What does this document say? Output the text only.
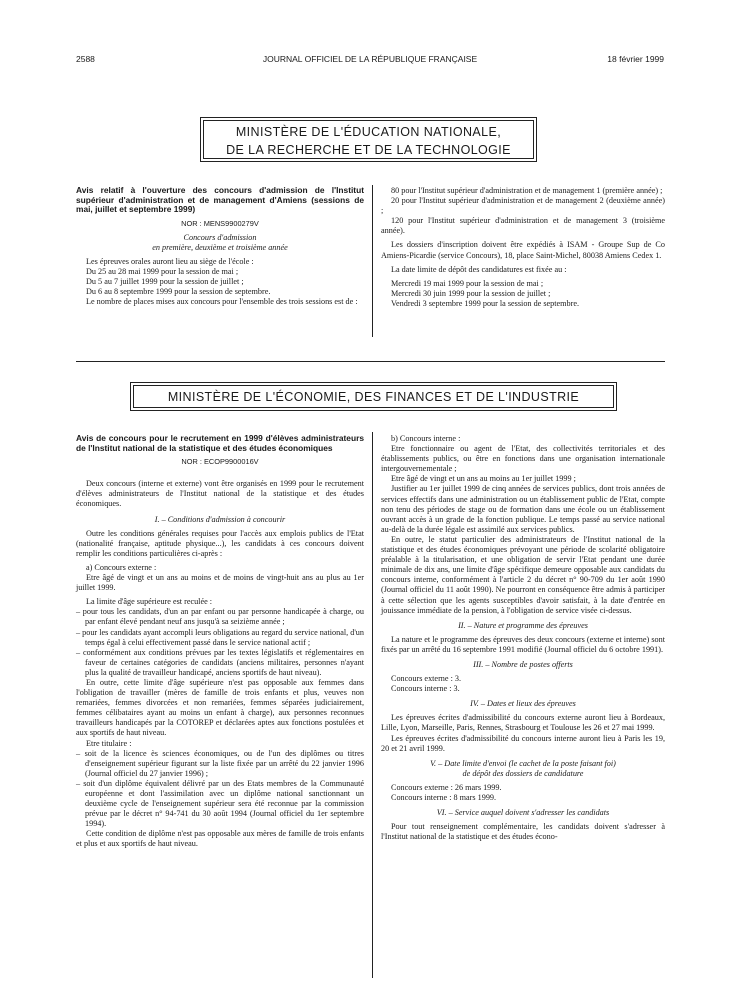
2588	JOURNAL OFFICIEL DE LA RÉPUBLIQUE FRANÇAISE	18 février 1999
MINISTÈRE DE L'ÉDUCATION NATIONALE,
DE LA RECHERCHE ET DE LA TECHNOLOGIE

Avis relatif à l'ouverture des concours d'admission de l'Institut supérieur d'administration et de management d'Amiens (sessions de mai, juillet et septembre 1999)

NOR : MENS9900279V

Concours d'admission

en première, deuxième et troisième année

Les épreuves orales auront lieu au siège de l'école :

Du 25 au 28 mai 1999 pour la session de mai ;

Du 5 au 7 juillet 1999 pour la session de juillet ;

Du 6 au 8 septembre 1999 pour la session de septembre.

Le nombre de places mises aux concours pour l'ensemble des trois sessions est de :

80 pour l'Institut supérieur d'administration et de management 1 (première année) ;

20 pour l'Institut supérieur d'administration et de management 2 (deuxième année) ;

120 pour l'Institut supérieur d'administration et de management 3 (troisième année).

Les dossiers d'inscription doivent être expédiés à ISAM - Groupe Sup de Co Amiens-Picardie (service Concours), 18, place Saint-Michel, 80038 Amiens Cedex 1.

La date limite de dépôt des candidatures est fixée au :

Mercredi 19 mai 1999 pour la session de mai ;

Mercredi 30 juin 1999 pour la session de juillet ;

Vendredi 3 septembre 1999 pour la session de septembre.

MINISTÈRE DE L'ÉCONOMIE, DES FINANCES ET DE L'INDUSTRIE

Avis de concours pour le recrutement en 1999 d'élèves administrateurs de l'Institut national de la statistique et des études économiques

NOR : ECOP9900016V

Deux concours (interne et externe) vont être organisés en 1999 pour le recrutement d'élèves administrateurs de l'Institut national de la statistique et des études économiques.

I. – Conditions d'admission à concourir

Outre les conditions générales requises pour l'accès aux emplois publics de l'Etat (nationalité française, aptitude physique...), les candidats à ces concours doivent remplir les conditions particulières ci-après :

a) Concours externe :

Etre âgé de vingt et un ans au moins et de moins de vingt-huit ans au plus au 1er juillet 1999.

La limite d'âge supérieure est reculée :

– pour tous les candidats, d'un an par enfant ou par personne handicapée à charge, ou par enfant élevé pendant neuf ans jusqu'à sa seizième année ;

– pour les candidats ayant accompli leurs obligations au regard du service national, d'un temps égal à celui effectivement passé dans le service national actif ;

– conformément aux conditions prévues par les textes législatifs et réglementaires en faveur de certaines catégories de candidats (anciens militaires, personnes n'ayant plus la qualité de travailleur handicapé, anciens sportifs de haut niveau).

En outre, cette limite d'âge supérieure n'est pas opposable aux femmes dans l'obligation de travailler (mères de famille de trois enfants et plus, veuves non remariées, femmes divorcées et non remariées, femmes séparées judiciairement, femmes célibataires ayant au moins un enfant à charge), aux personnes reconnues travailleurs handicapés par la COTOREP et déclarées aptes aux fonctions postulées et aux sportifs de haut niveau.

Etre titulaire :

– soit de la licence ès sciences économiques, ou de l'un des diplômes ou titres d'enseignement supérieur figurant sur la liste fixée par un arrêté du 22 janvier 1996 (Journal officiel du 27 janvier 1996) ;

– soit d'un diplôme équivalent délivré par un des Etats membres de la Communauté européenne et dont l'assimilation avec un diplôme national sanctionnant un deuxième cycle de l'enseignement supérieur sera été reconnue par la commission prévue par le décret n° 94-741 du 30 août 1994 (Journal officiel du 1er septembre 1994).

Cette condition de diplôme n'est pas opposable aux mères de famille de trois enfants et plus et aux sportifs de haut niveau.

b) Concours interne :

Etre fonctionnaire ou agent de l'Etat, des collectivités territoriales et des établissements publics, ou être en fonctions dans une organisation internationale intergouvernementale ;

Etre âgé de vingt et un ans au moins au 1er juillet 1999 ;

Justifier au 1er juillet 1999 de cinq années de services publics, dont trois années de services effectifs dans une administration ou un établissement public de l'Etat, compte non tenu des périodes de stage ou de formation dans une école ou un établissement ouvrant accès à un grade de la fonction publique. Le temps passé au service national au-delà de la durée légale est assimilé aux services publics.

En outre, le statut particulier des administrateurs de l'Institut national de la statistique et des études économiques prévoyant une période de scolarité obligatoire préalable à la titularisation, et une obligation de servir l'Etat pendant une durée minimale de dix ans, une limite d'âge spécifique demeure opposable aux candidats du concours interne, conformément à l'article 2 du décret n° 90-709 du 1er août 1990 (Journal officiel du 11 août 1990). Ne pourront en conséquence être admis à participer à cette sélection que les agents susceptibles d'avoir satisfait, à la date d'entrée en jouissance immédiate de la pension, à l'obligation de service visée ci-dessus.

II. – Nature et programme des épreuves

La nature et le programme des épreuves des deux concours (externe et interne) sont fixés par un arrêté du 16 septembre 1991 modifié (Journal officiel du 6 octobre 1991).

III. – Nombre de postes offerts

Concours externe : 3.

Concours interne : 3.

IV. – Dates et lieux des épreuves

Les épreuves écrites d'admissibilité du concours externe auront lieu à Bordeaux, Lille, Lyon, Marseille, Paris, Rennes, Strasbourg et Toulouse les 26 et 27 mai 1999.

Les épreuves écrites d'admissibilité du concours interne auront lieu à Paris les 19, 20 et 21 avril 1999.

V. – Date limite d'envoi (le cachet de la poste faisant foi)

de dépôt des dossiers de candidature

Concours externe : 26 mars 1999.

Concours interne : 8 mars 1999.

VI. – Service auquel doivent s'adresser les candidats

Pour tout renseignement complémentaire, les candidats doivent s'adresser à l'Institut national de la statistique et des études écono-
